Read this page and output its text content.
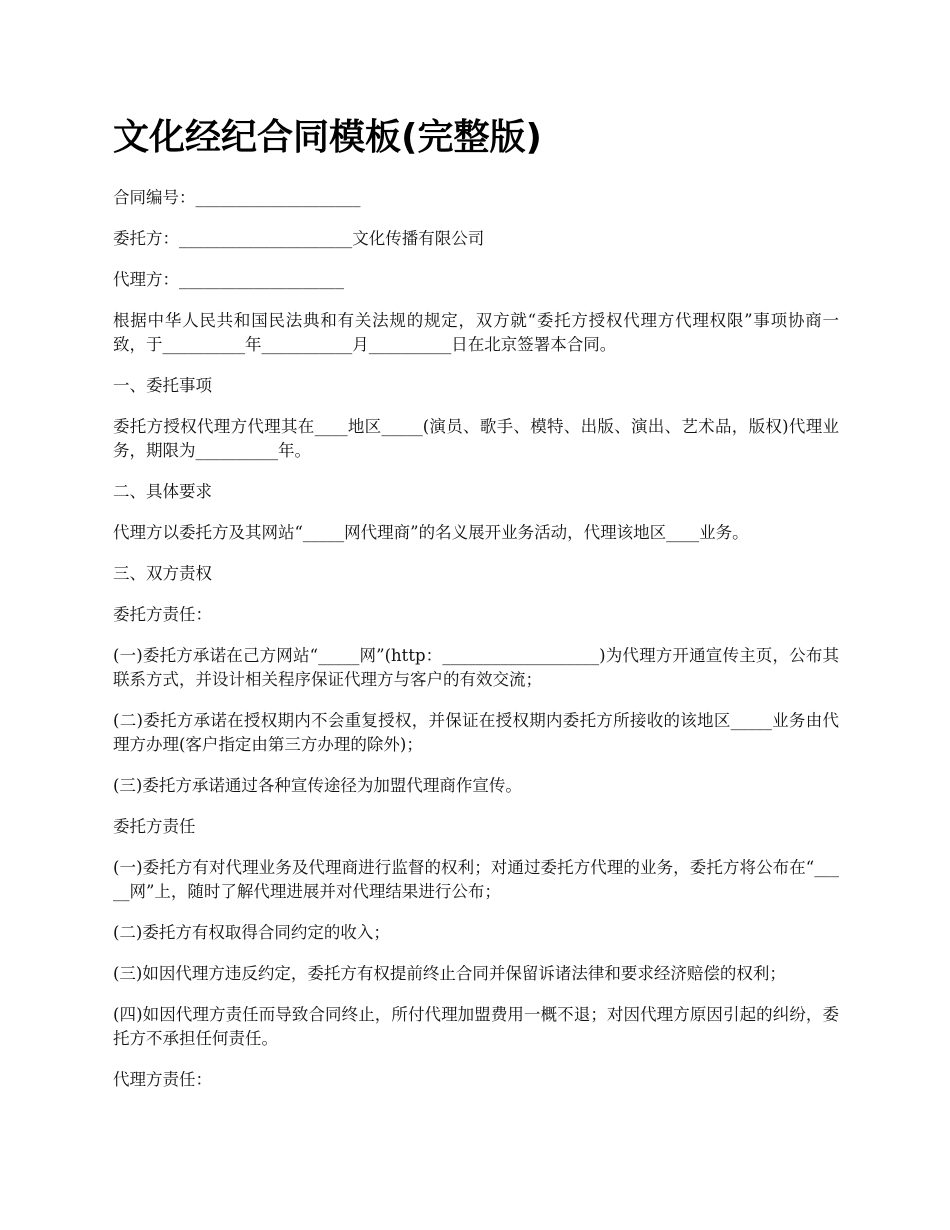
文化经纪合同模板(完整版)

合同编号：____________________

委托方：_____________________文化传播有限公司

代理方：____________________

根据中华人民共和国民法典和有关法规的规定，双方就“委托方授权代理方代理权限”事项协商一致，于__________年___________月__________日在北京签署本合同。

一、委托事项

委托方授权代理方代理其在____地区_____(演员、歌手、模特、出版、演出、艺术品，版权)代理业务，期限为__________年。

二、具体要求

代理方以委托方及其网站“_____网代理商”的名义展开业务活动，代理该地区____业务。

三、双方责权

委托方责任：

(一)委托方承诺在己方网站“_____网”(http：___________________)为代理方开通宣传主页，公布其联系方式，并设计相关程序保证代理方与客户的有效交流；

(二)委托方承诺在授权期内不会重复授权，并保证在授权期内委托方所接收的该地区_____业务由代理方办理(客户指定由第三方办理的除外)；

(三)委托方承诺通过各种宣传途径为加盟代理商作宣传。

委托方责任

(一)委托方有对代理业务及代理商进行监督的权利；对通过委托方代理的业务，委托方将公布在“_____网”上，随时了解代理进展并对代理结果进行公布；

(二)委托方有权取得合同约定的收入；

(三)如因代理方违反约定，委托方有权提前终止合同并保留诉诸法律和要求经济赔偿的权利；

(四)如因代理方责任而导致合同终止，所付代理加盟费用一概不退；对因代理方原因引起的纠纷，委托方不承担任何责任。

代理方责任：
